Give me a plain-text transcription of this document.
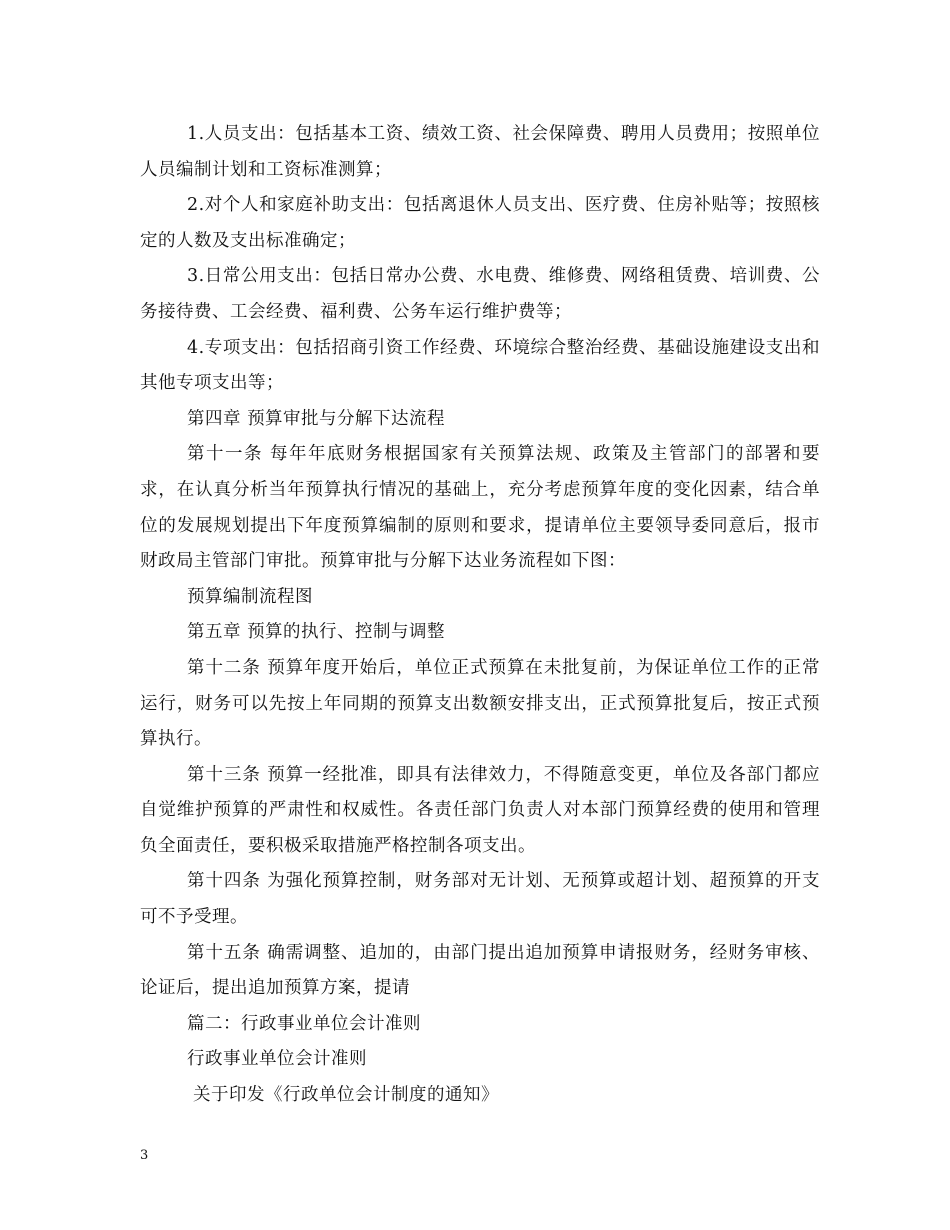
1.人员支出：包括基本工资、绩效工资、社会保障费、聘用人员费用；按照单位人员编制计划和工资标准测算；

2.对个人和家庭补助支出：包括离退休人员支出、医疗费、住房补贴等；按照核定的人数及支出标准确定；

3.日常公用支出：包括日常办公费、水电费、维修费、网络租赁费、培训费、公务接待费、工会经费、福利费、公务车运行维护费等；

4.专项支出：包括招商引资工作经费、环境综合整治经费、基础设施建设支出和其他专项支出等；

第四章 预算审批与分解下达流程

第十一条 每年年底财务根据国家有关预算法规、政策及主管部门的部署和要求，在认真分析当年预算执行情况的基础上，充分考虑预算年度的变化因素，结合单位的发展规划提出下年度预算编制的原则和要求，提请单位主要领导委同意后，报市财政局主管部门审批。预算审批与分解下达业务流程如下图：

预算编制流程图

第五章 预算的执行、控制与调整

第十二条 预算年度开始后，单位正式预算在未批复前，为保证单位工作的正常运行，财务可以先按上年同期的预算支出数额安排支出，正式预算批复后，按正式预算执行。

第十三条 预算一经批准，即具有法律效力，不得随意变更，单位及各部门都应自觉维护预算的严肃性和权威性。各责任部门负责人对本部门预算经费的使用和管理负全面责任，要积极采取措施严格控制各项支出。

第十四条 为强化预算控制，财务部对无计划、无预算或超计划、超预算的开支可不予受理。

第十五条 确需调整、追加的，由部门提出追加预算申请报财务，经财务审核、论证后，提出追加预算方案，提请

篇二：行政事业单位会计准则

行政事业单位会计准则

关于印发《行政单位会计制度的通知》

3
